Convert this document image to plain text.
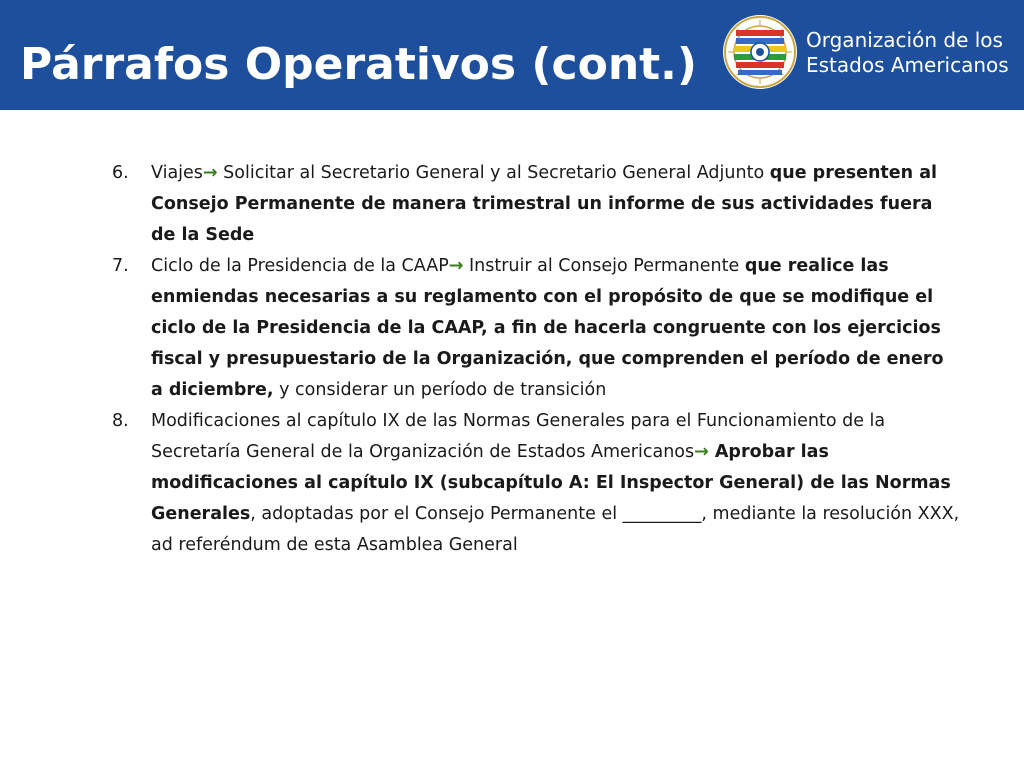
Párrafos Operativos (cont.)	Organización de los
Estados Americanos
6. Viajes→ Solicitar al Secretario General y al Secretario General Adjunto que presenten al Consejo Permanente de manera trimestral un informe de sus actividades fuera de la Sede
7. Ciclo de la Presidencia de la CAAP→ Instruir al Consejo Permanente que realice las enmiendas necesarias a su reglamento con el propósito de que se modifique el ciclo de la Presidencia de la CAAP, a fin de hacerla congruente con los ejercicios fiscal y presupuestario de la Organización, que comprenden el período de enero a diciembre, y considerar un período de transición
8. Modificaciones al capítulo IX de las Normas Generales para el Funcionamiento de la Secretaría General de la Organización de Estados Americanos→ Aprobar las modificaciones al capítulo IX (subcapítulo A: El Inspector General) de las Normas Generales, adoptadas por el Consejo Permanente el _________, mediante la resolución XXX, ad referéndum de esta Asamblea General
